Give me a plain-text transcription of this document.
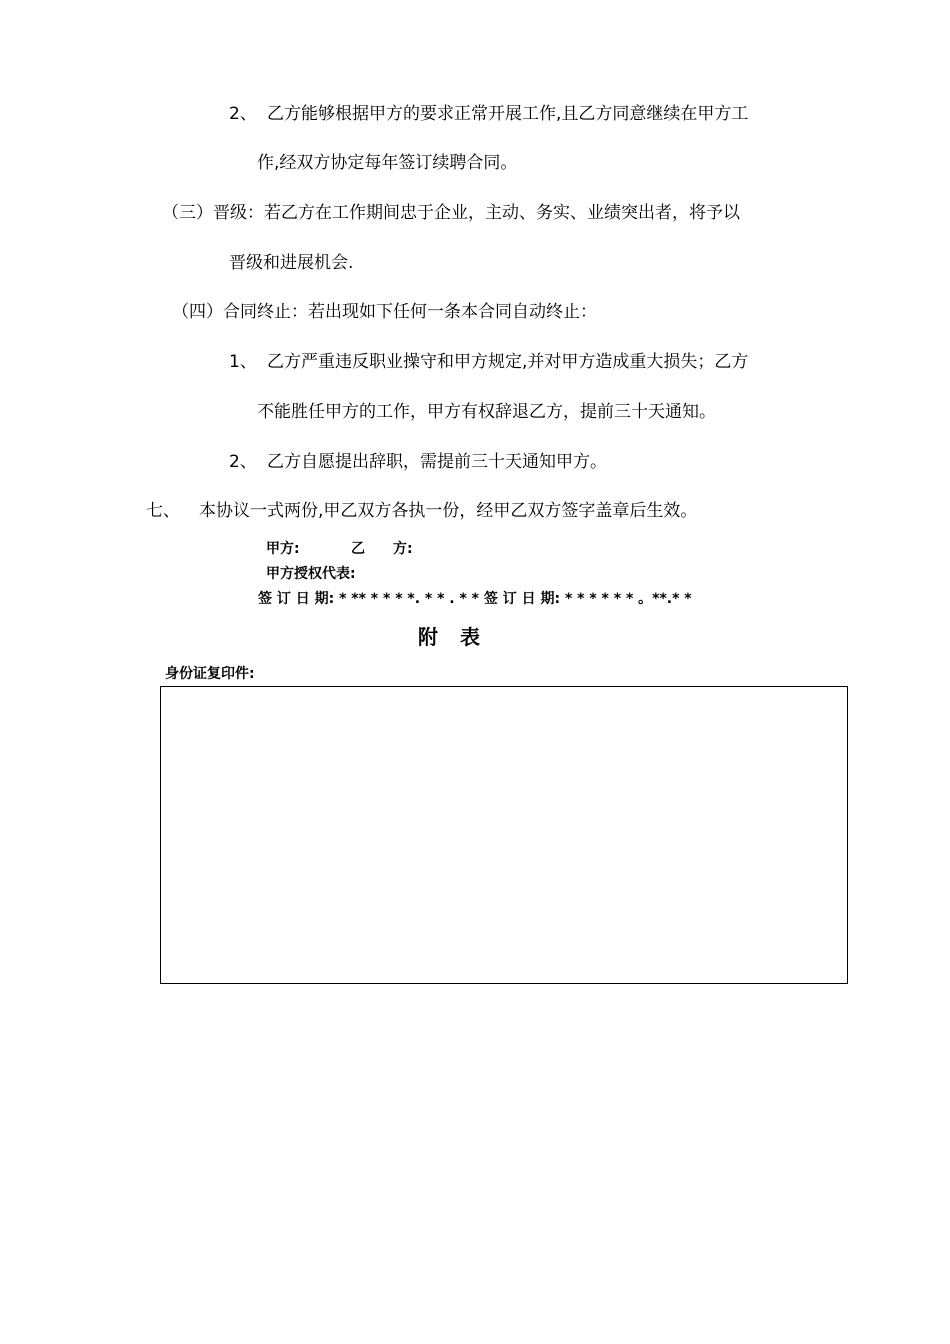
2、 乙方能够根据甲方的要求正常开展工作,且乙方同意继续在甲方工
作,经双方协定每年签订续聘合同。
（三）晋级：若乙方在工作期间忠于企业，主动、务实、业绩突出者，将予以
晋级和进展机会.
（四）合同终止：若出现如下任何一条本合同自动终止：
1、 乙方严重违反职业操守和甲方规定,并对甲方造成重大损失；乙方
不能胜任甲方的工作，甲方有权辞退乙方，提前三十天通知。
2、 乙方自愿提出辞职，需提前三十天通知甲方。
七、 本协议一式两份,甲乙双方各执一份，经甲乙双方签字盖章后生效。
甲方:	乙　　方:
甲方授权代表:
签 订 日 期: * ** * * * *. * * . * * 签 订 日 期: * * * * * * 。**.* *
附表
身份证复印件:
